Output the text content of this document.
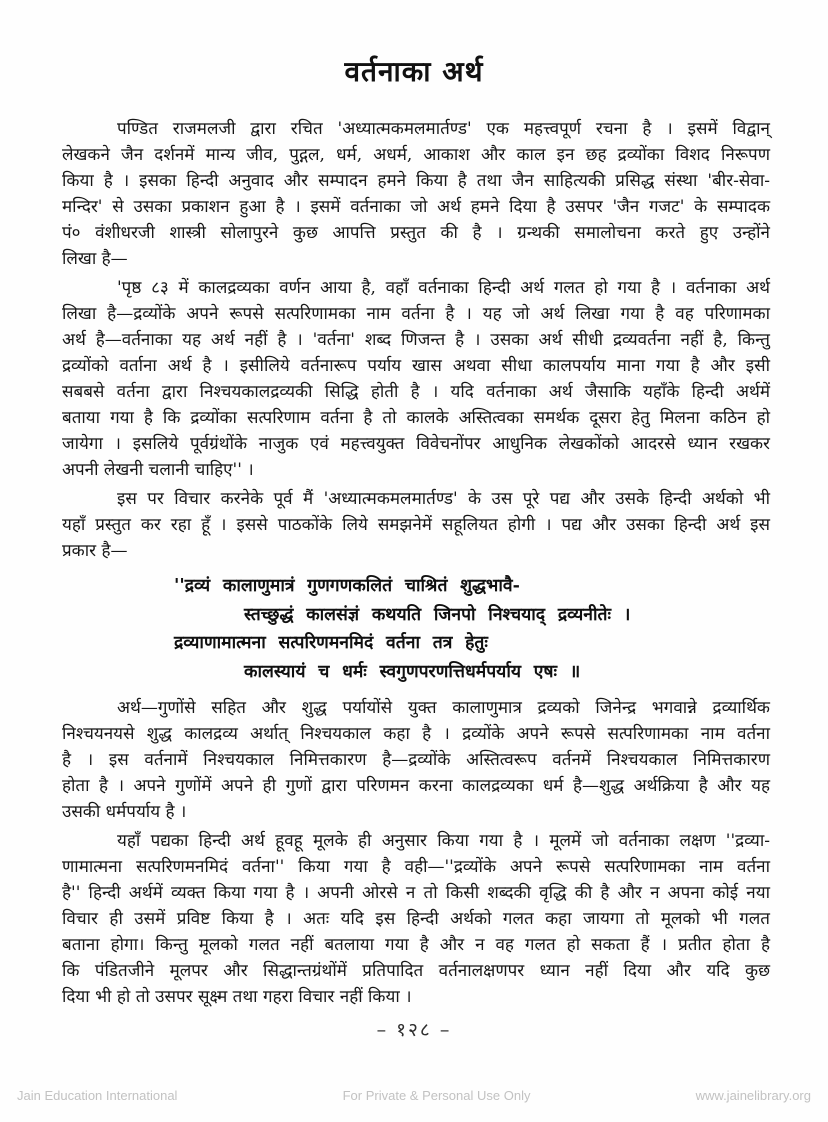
वर्तनाका अर्थ
पण्डित राजमलजी द्वारा रचित 'अध्यात्मकमलमार्तण्ड' एक महत्त्वपूर्ण रचना है । इसमें विद्वान्
लेखकने जैन दर्शनमें मान्य जीव, पुद्गल, धर्म, अधर्म, आकाश और काल इन छह द्रव्योंका विशद निरूपण
किया है । इसका हिन्दी अनुवाद और सम्पादन हमने किया है तथा जैन साहित्यकी प्रसिद्ध संस्था 'बीर-सेवा-
मन्दिर' से उसका प्रकाशन हुआ है । इसमें वर्तनाका जो अर्थ हमने दिया है उसपर 'जैन गजट' के सम्पादक
पं० वंशीधरजी शास्त्री सोलापुरने कुछ आपत्ति प्रस्तुत की है । ग्रन्थकी समालोचना करते हुए उन्होंने
लिखा है—
'पृष्ठ ८३ में कालद्रव्यका वर्णन आया है, वहाँ वर्तनाका हिन्दी अर्थ गलत हो गया है । वर्तनाका अर्थ
लिखा है—द्रव्योंके अपने रूपसे सत्परिणामका नाम वर्तना है । यह जो अर्थ लिखा गया है वह परिणामका
अर्थ है—वर्तनाका यह अर्थ नहीं है । 'वर्तना' शब्द णिजन्त है । उसका अर्थ सीधी द्रव्यवर्तना नहीं है, किन्तु
द्रव्योंको वर्ताना अर्थ है । इसीलिये वर्तनारूप पर्याय खास अथवा सीधा कालपर्याय माना गया है और इसी
सबबसे वर्तना द्वारा निश्चयकालद्रव्यकी सिद्धि होती है । यदि वर्तनाका अर्थ जैसाकि यहाँके हिन्दी अर्थमें
बताया गया है कि द्रव्योंका सत्परिणाम वर्तना है तो कालके अस्तित्वका समर्थक दूसरा हेतु मिलना कठिन हो
जायेगा । इसलिये पूर्वग्रंथोंके नाजुक एवं महत्त्वयुक्त विवेचनोंपर आधुनिक लेखकोंको आदरसे ध्यान रखकर
अपनी लेखनी चलानी चाहिए'' ।
इस पर विचार करनेके पूर्व मैं 'अध्यात्मकमलमार्तण्ड' के उस पूरे पद्य और उसके हिन्दी अर्थको भी
यहाँ प्रस्तुत कर रहा हूँ । इससे पाठकोंके लिये समझनेमें सहूलियत होगी । पद्य और उसका हिन्दी अर्थ इस
प्रकार है—
''द्रव्यं कालाणुमात्रं गुणगणकलितं चाश्रितं शुद्धभावै-
स्तच्छुद्धं कालसंज्ञं कथयति जिनपो निश्चयाद् द्रव्यनीतेः ।
द्रव्याणामात्मना सत्परिणमनमिदं वर्तना तत्र हेतुः
कालस्यायं च धर्मः स्वगुणपरणत्तिधर्मपर्याय एषः ॥
अर्थ—गुणोंसे सहित और शुद्ध पर्यायोंसे युक्त कालाणुमात्र द्रव्यको जिनेन्द्र भगवान्ने द्रव्यार्थिक
निश्चयनयसे शुद्ध कालद्रव्य अर्थात् निश्चयकाल कहा है । द्रव्योंके अपने रूपसे सत्परिणामका नाम वर्तना
है । इस वर्तनामें निश्चयकाल निमित्तकारण है—द्रव्योंके अस्तित्वरूप वर्तनमें निश्चयकाल निमित्तकारण
होता है । अपने गुणोंमें अपने ही गुणों द्वारा परिणमन करना कालद्रव्यका धर्म है—शुद्ध अर्थक्रिया है और यह
उसकी धर्मपर्याय है ।
यहाँ पद्यका हिन्दी अर्थ हूवहू मूलके ही अनुसार किया गया है । मूलमें जो वर्तनाका लक्षण ''द्रव्या-
णामात्मना सत्परिणमनमिदं वर्तना'' किया गया है वही—''द्रव्योंके अपने रूपसे सत्परिणामका नाम वर्तना
है'' हिन्दी अर्थमें व्यक्त किया गया है । अपनी ओरसे न तो किसी शब्दकी वृद्धि की है और न अपना कोई नया
विचार ही उसमें प्रविष्ट किया है । अतः यदि इस हिन्दी अर्थको गलत कहा जायगा तो मूलको भी गलत
बताना होगा। किन्तु मूलको गलत नहीं बतलाया गया है और न वह गलत हो सकता हैं । प्रतीत होता है
कि पंडितजीने मूलपर और सिद्धान्तग्रंथोंमें प्रतिपादित वर्तनालक्षणपर ध्यान नहीं दिया और यदि कुछ
दिया भी हो तो उसपर सूक्ष्म तथा गहरा विचार नहीं किया ।
– १२८ –
Jain Education International	For Private & Personal Use Only	www.jainelibrary.org
